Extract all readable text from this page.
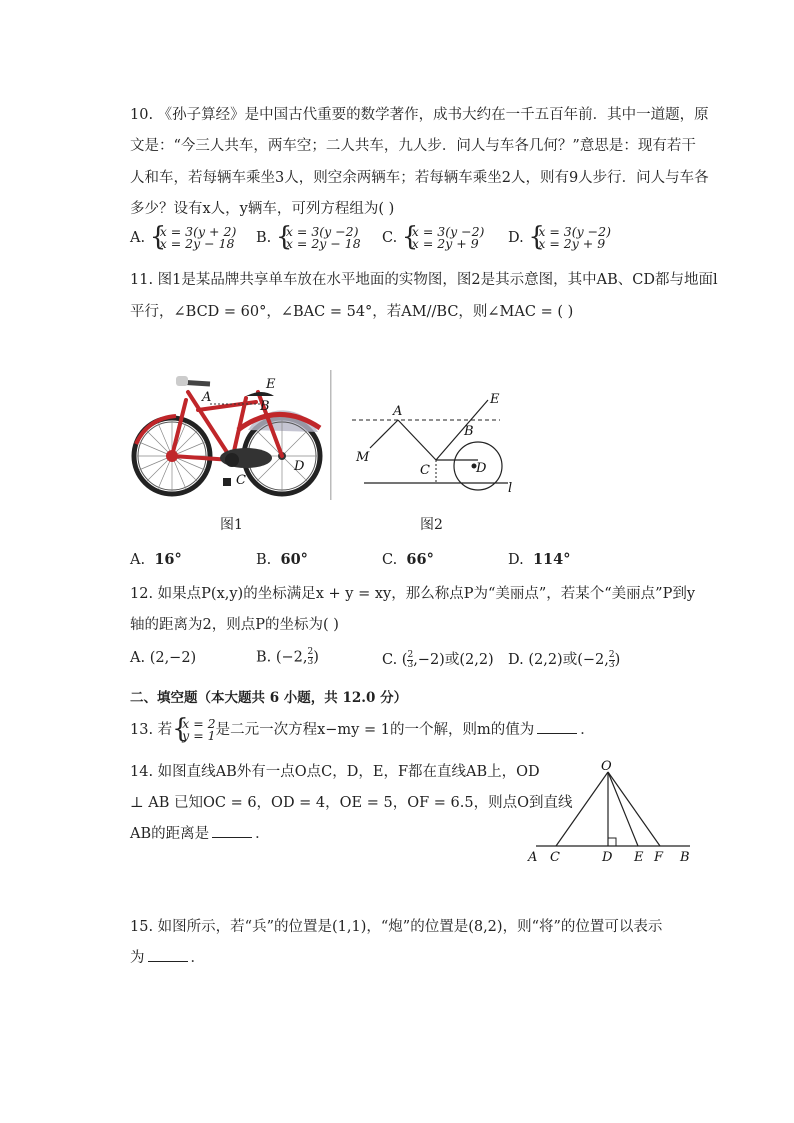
10. 《孙子算经》是中国古代重要的数学著作，成书大约在一千五百年前．其中一道题，原
文是：“今三人共车，两车空；二人共车，九人步．问人与车各几何？”意思是：现有若干
人和车，若每辆车乘坐3人，则空余两辆车；若每辆车乘坐2人，则有9人步行．问人与车各
多少？设有x人，y辆车，可列方程组为( )
A. {
x = 3(y + 2)
x = 2y − 18 B. {
x = 3(y −2)
x = 2y − 18 C. {
x = 3(y −2)
x = 2y + 9	D. {
x = 3(y −2)
x = 2y + 9
11. 图1是某品牌共享单车放在水平地面的实物图，图2是其示意图，其中AB、CD都与地面l
平行，∠BCD = 60°，∠BAC = 54°，若AM//BC，则∠MAC = ( )
A
B
E
C
D
图1
A
B
E
C	D
M
l
图2
A. 16°	B. 60°	C. 66°	D. 114°
12. 如果点P(x,y)的坐标满足x + y = xy，那么称点P为“美丽点”，若某个“美丽点”P到y
轴的距离为2，则点P的坐标为( )
A. (2,−2)	B. (−2, $\frac{2}{3}$ )	C. ( $\frac{2}{3} ,-2$)或(2,2) D. (2,2)或(−2, $\frac{2}{3}$ )
二、填空题（本大题共 6 小题，共 12.0 分）
13. 若 {
x = 2
y = 1 是二元一次方程x−my = 1的一个解，则m的值为	．
14. 如图直线AB外有一点O点C，D，E，F都在直线AB上，OD
⊥ AB 已知OC = 6，OD = 4，OE = 5，OF = 6.5，则点O到直线
AB的距离是	．
O
A C	D E F B
15. 如图所示，若“兵”的位置是(1,1)，“炮”的位置是(8,2)，则“将”的位置可以表示
为	．
